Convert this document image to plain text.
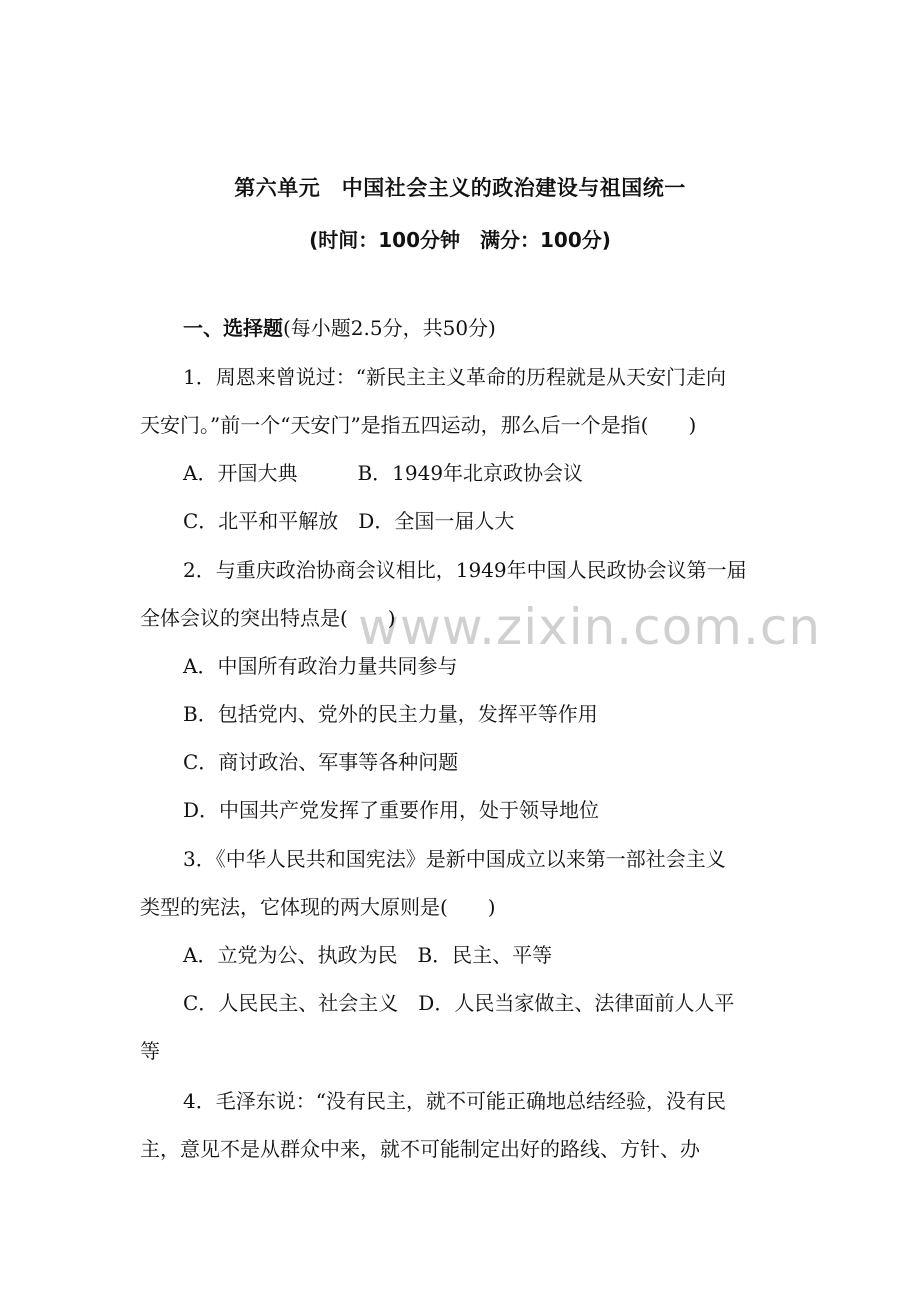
第六单元　中国社会主义的政治建设与祖国统一
(时间：100分钟　满分：100分)
一、选择题(每小题2.5分，共50分)
1．周恩来曾说过：“新民主主义革命的历程就是从天安门走向
天安门。”前一个“天安门”是指五四运动，那么后一个是指(　　)
A．开国大典　　　B．1949年北京政协会议
C．北平和平解放　D．全国一届人大
2．与重庆政治协商会议相比，1949年中国人民政协会议第一届
全体会议的突出特点是(　　)
A．中国所有政治力量共同参与
B．包括党内、党外的民主力量，发挥平等作用
C．商讨政治、军事等各种问题
D．中国共产党发挥了重要作用，处于领导地位
3．《中华人民共和国宪法》是新中国成立以来第一部社会主义
类型的宪法，它体现的两大原则是(　　)
A．立党为公、执政为民　B．民主、平等
C．人民民主、社会主义　D．人民当家做主、法律面前人人平
等
4．毛泽东说：“没有民主，就不可能正确地总结经验，没有民
主，意见不是从群众中来，就不可能制定出好的路线、方针、办
www.zixin.com.cn
